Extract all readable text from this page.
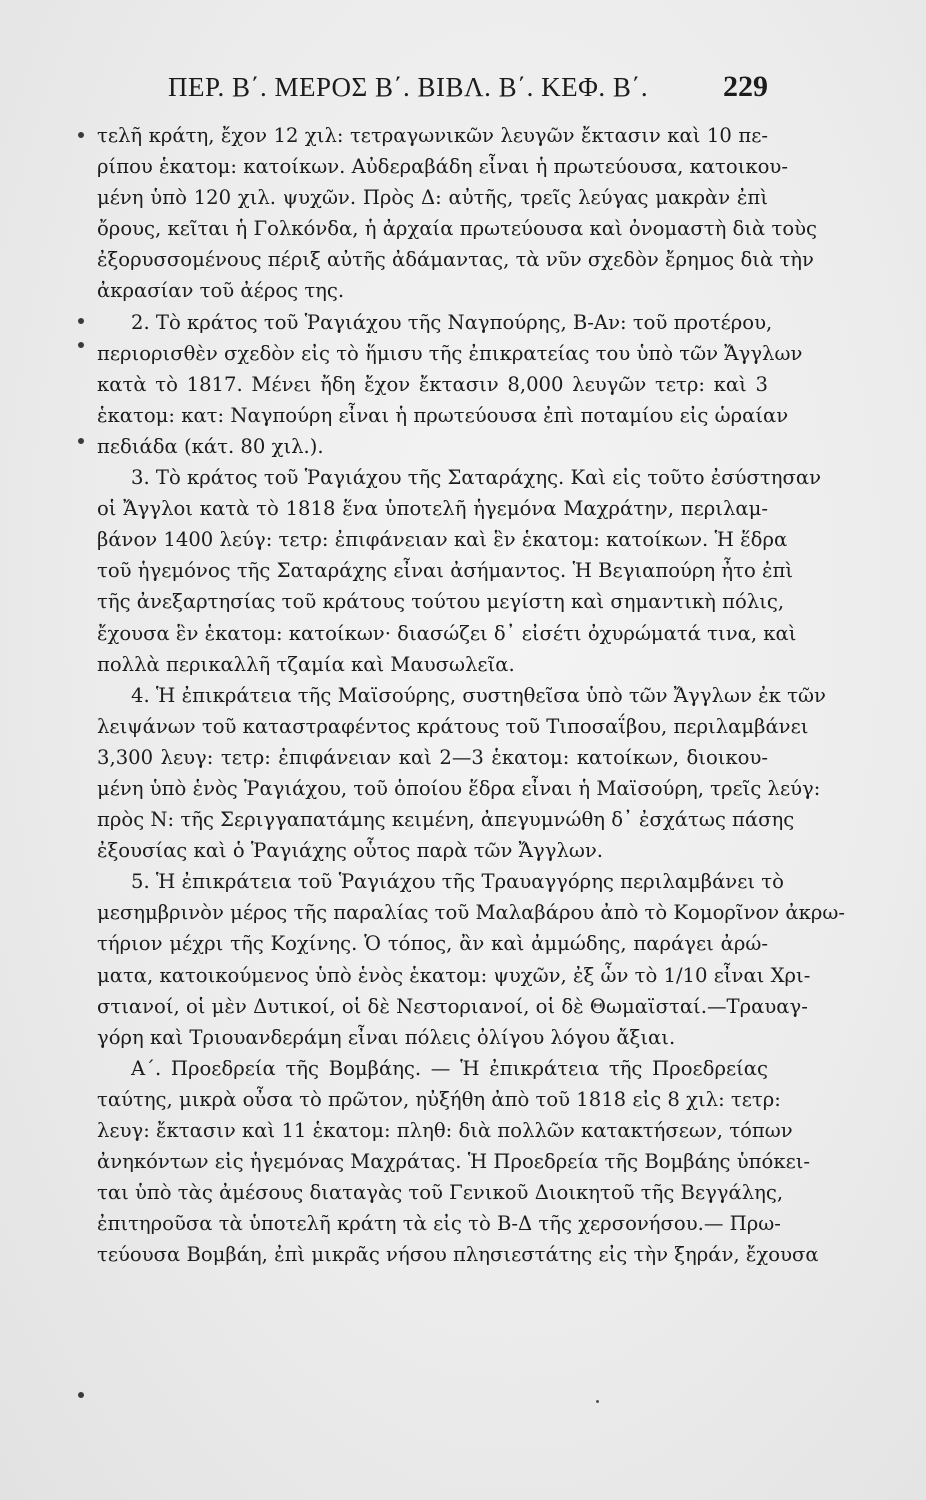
ΠΕΡ. Β΄. ΜΕΡΟΣ Β΄. ΒΙΒΛ. Β΄. ΚΕΦ. Β΄. 229

τελῆ κράτη, ἔχον 12 χιλ: τετραγωνικῶν λευγῶν ἔκτασιν καὶ 10 πε-
ρίπου ἑκατομ: κατοίκων. Αὐδεραβάδη εἶναι ἡ πρωτεύουσα, κατοικου-
μένη ὑπὸ 120 χιλ. ψυχῶν. Πρὸς Δ: αὐτῆς, τρεῖς λεύγας μακρὰν ἐπὶ
ὄρους, κεῖται ἡ Γολκόνδα, ἡ ἀρχαία πρωτεύουσα καὶ ὀνομαστὴ διὰ τοὺς
ἐξορυσσομένους πέριξ αὐτῆς ἀδάμαντας, τὰ νῦν σχεδὸν ἔρημος διὰ τὴν
ἀκρασίαν τοῦ ἀέρος της.

2. Τὸ κράτος τοῦ Ῥαγιάχου τῆς Ναγπούρης, Β-Αν: τοῦ προτέρου,
περιορισθὲν σχεδὸν εἰς τὸ ἥμισυ τῆς ἐπικρατείας του ὑπὸ τῶν Ἄγγλων
κατὰ τὸ 1817. Μένει ἤδη ἔχον ἔκτασιν 8,000 λευγῶν τετρ: καὶ 3
ἑκατομ: κατ: Ναγπούρη εἶναι ἡ πρωτεύουσα ἐπὶ ποταμίου εἰς ὡραίαν
πεδιάδα (κάτ. 80 χιλ.).

3. Τὸ κράτος τοῦ Ῥαγιάχου τῆς Σαταράχης. Καὶ εἰς τοῦτο ἐσύστησαν
οἱ Ἄγγλοι κατὰ τὸ 1818 ἕνα ὑποτελῆ ἡγεμόνα Μαχράτην, περιλαμ-
βάνον 1400 λεύγ: τετρ: ἐπιφάνειαν καὶ ἓν ἑκατομ: κατοίκων. Ἡ ἕδρα
τοῦ ἡγεμόνος τῆς Σαταράχης εἶναι ἀσήμαντος. Ἡ Βεγιαπούρη ἦτο ἐπὶ
τῆς ἀνεξαρτησίας τοῦ κράτους τούτου μεγίστη καὶ σημαντικὴ πόλις,
ἔχουσα ἓν ἑκατομ: κατοίκων· διασώζει δ᾽ εἰσέτι ὀχυρώματά τινα, καὶ
πολλὰ περικαλλῆ τζαμία καὶ Μαυσωλεῖα.

4. Ἡ ἐπικράτεια τῆς Μαϊσούρης, συστηθεῖσα ὑπὸ τῶν Ἄγγλων ἐκ τῶν
λειψάνων τοῦ καταστραφέντος κράτους τοῦ Τιποσαΐβου, περιλαμβάνει
3,300 λευγ: τετρ: ἐπιφάνειαν καὶ 2—3 ἑκατομ: κατοίκων, διοικου-
μένη ὑπὸ ἑνὸς Ῥαγιάχου, τοῦ ὁποίου ἕδρα εἶναι ἡ Μαϊσούρη, τρεῖς λεύγ:
πρὸς Ν: τῆς Σεριγγαπατάμης κειμένη, ἀπεγυμνώθη δ᾽ ἐσχάτως πάσης
ἐξουσίας καὶ ὁ Ῥαγιάχης οὗτος παρὰ τῶν Ἄγγλων.

5. Ἡ ἐπικράτεια τοῦ Ῥαγιάχου τῆς Τραυαγγόρης περιλαμβάνει τὸ
μεσημβρινὸν μέρος τῆς παραλίας τοῦ Μαλαβάρου ἀπὸ τὸ Κομορῖνον ἀκρω-
τήριον μέχρι τῆς Κοχίνης. Ὁ τόπος, ἂν καὶ ἀμμώδης, παράγει ἀρώ-
ματα, κατοικούμενος ὑπὸ ἑνὸς ἑκατομ: ψυχῶν, ἐξ ὧν τὸ 1/10 εἶναι Χρι-
στιανοί, οἱ μὲν Δυτικοί, οἱ δὲ Νεστοριανοί, οἱ δὲ Θωμαϊσταί.—Τραυαγ-
γόρη καὶ Τριουανδεράμη εἶναι πόλεις ὀλίγου λόγου ἄξιαι.

Α΄. Προεδρεία τῆς Βομβάης. — Ἡ ἐπικράτεια τῆς Προεδρείας
ταύτης, μικρὰ οὖσα τὸ πρῶτον, ηὐξήθη ἀπὸ τοῦ 1818 εἰς 8 χιλ: τετρ:
λευγ: ἔκτασιν καὶ 11 ἑκατομ: πληθ: διὰ πολλῶν κατακτήσεων, τόπων
ἀνηκόντων εἰς ἡγεμόνας Μαχράτας. Ἡ Προεδρεία τῆς Βομβάης ὑπόκει-
ται ὑπὸ τὰς ἀμέσους διαταγὰς τοῦ Γενικοῦ Διοικητοῦ τῆς Βεγγάλης,
ἐπιτηροῦσα τὰ ὑποτελῆ κράτη τὰ εἰς τὸ Β-Δ τῆς χερσονήσου.— Πρω-
τεύουσα Βομβάη, ἐπὶ μικρᾶς νήσου πλησιεστάτης εἰς τὴν ξηράν, ἔχουσα
